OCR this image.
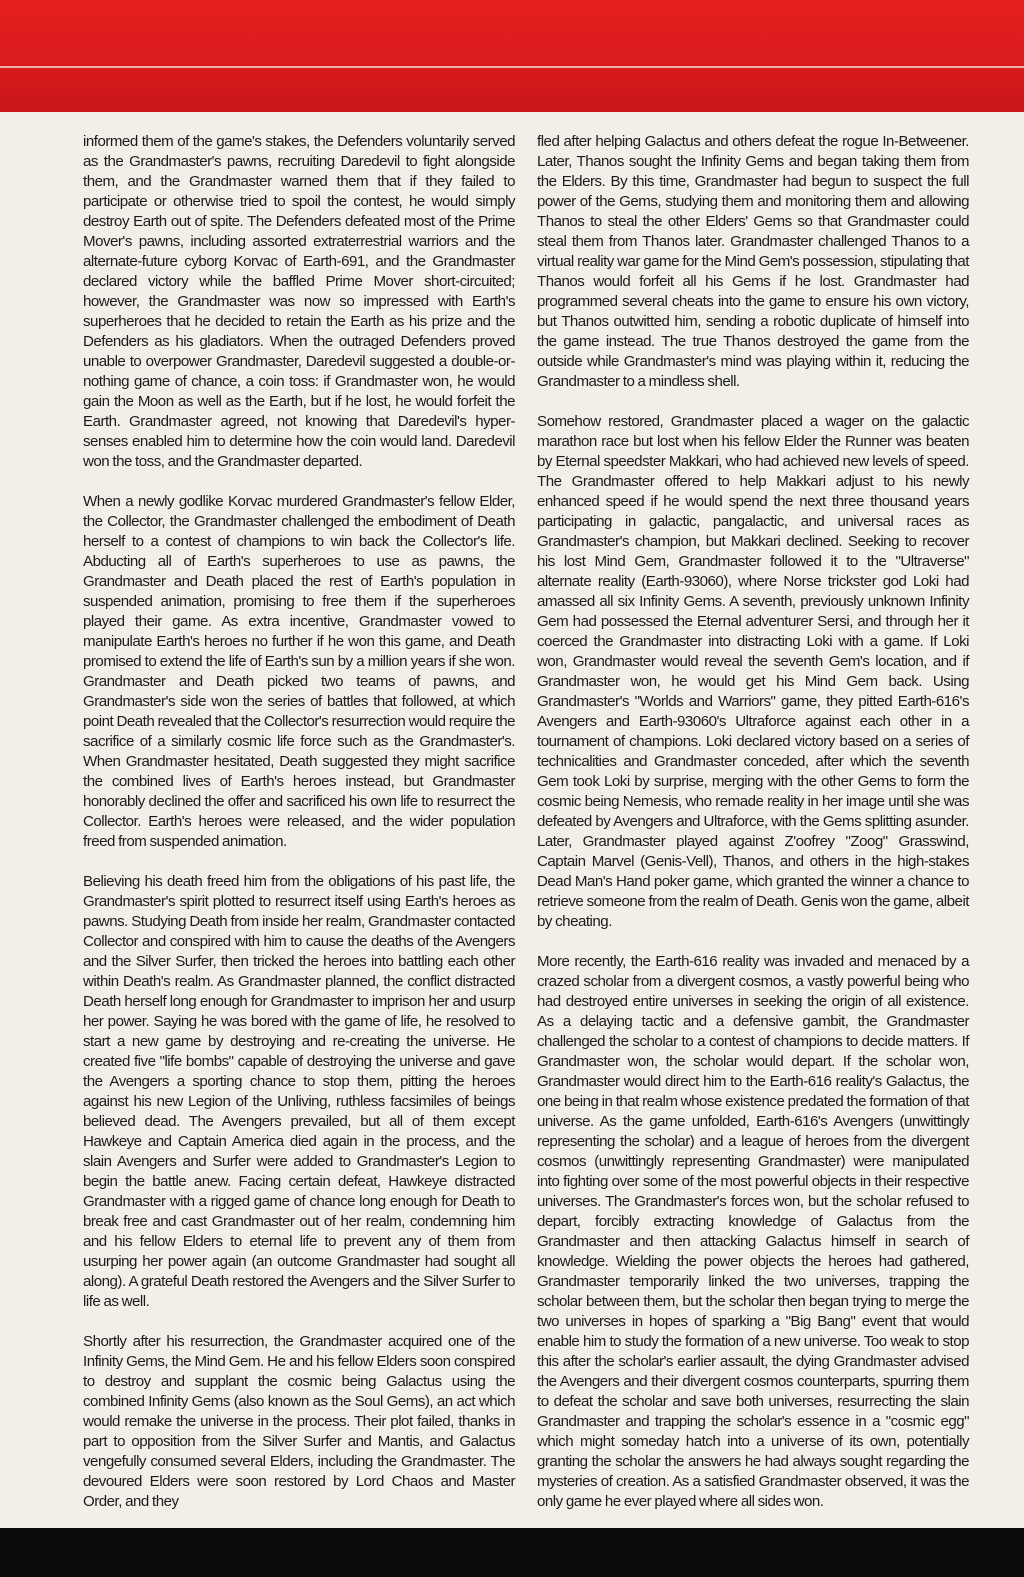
informed them of the game's stakes, the Defenders voluntarily served as the Grandmaster's pawns, recruiting Daredevil to fight alongside them, and the Grandmaster warned them that if they failed to participate or otherwise tried to spoil the contest, he would simply destroy Earth out of spite. The Defenders defeated most of the Prime Mover's pawns, including assorted extraterrestrial warriors and the alternate-future cyborg Korvac of Earth-691, and the Grandmaster declared victory while the baffled Prime Mover short-circuited; however, the Grandmaster was now so impressed with Earth's superheroes that he decided to retain the Earth as his prize and the Defenders as his gladiators. When the outraged Defenders proved unable to overpower Grandmaster, Daredevil suggested a double-or-nothing game of chance, a coin toss: if Grandmaster won, he would gain the Moon as well as the Earth, but if he lost, he would forfeit the Earth. Grandmaster agreed, not knowing that Daredevil's hyper-senses enabled him to determine how the coin would land. Daredevil won the toss, and the Grandmaster departed.

When a newly godlike Korvac murdered Grandmaster's fellow Elder, the Collector, the Grandmaster challenged the embodiment of Death herself to a contest of champions to win back the Collector's life. Abducting all of Earth's superheroes to use as pawns, the Grandmaster and Death placed the rest of Earth's population in suspended animation, promising to free them if the superheroes played their game. As extra incentive, Grandmaster vowed to manipulate Earth's heroes no further if he won this game, and Death promised to extend the life of Earth's sun by a million years if she won. Grandmaster and Death picked two teams of pawns, and Grandmaster's side won the series of battles that followed, at which point Death revealed that the Collector's resurrection would require the sacrifice of a similarly cosmic life force such as the Grandmaster's. When Grandmaster hesitated, Death suggested they might sacrifice the combined lives of Earth's heroes instead, but Grandmaster honorably declined the offer and sacrificed his own life to resurrect the Collector. Earth's heroes were released, and the wider population freed from suspended animation.

Believing his death freed him from the obligations of his past life, the Grandmaster's spirit plotted to resurrect itself using Earth's heroes as pawns. Studying Death from inside her realm, Grandmaster contacted Collector and conspired with him to cause the deaths of the Avengers and the Silver Surfer, then tricked the heroes into battling each other within Death's realm. As Grandmaster planned, the conflict distracted Death herself long enough for Grandmaster to imprison her and usurp her power. Saying he was bored with the game of life, he resolved to start a new game by destroying and re-creating the universe. He created five "life bombs" capable of destroying the universe and gave the Avengers a sporting chance to stop them, pitting the heroes against his new Legion of the Unliving, ruthless facsimiles of beings believed dead. The Avengers prevailed, but all of them except Hawkeye and Captain America died again in the process, and the slain Avengers and Surfer were added to Grandmaster's Legion to begin the battle anew. Facing certain defeat, Hawkeye distracted Grandmaster with a rigged game of chance long enough for Death to break free and cast Grandmaster out of her realm, condemning him and his fellow Elders to eternal life to prevent any of them from usurping her power again (an outcome Grandmaster had sought all along). A grateful Death restored the Avengers and the Silver Surfer to life as well.

Shortly after his resurrection, the Grandmaster acquired one of the Infinity Gems, the Mind Gem. He and his fellow Elders soon conspired to destroy and supplant the cosmic being Galactus using the combined Infinity Gems (also known as the Soul Gems), an act which would remake the universe in the process. Their plot failed, thanks in part to opposition from the Silver Surfer and Mantis, and Galactus vengefully consumed several Elders, including the Grandmaster. The devoured Elders were soon restored by Lord Chaos and Master Order, and they

fled after helping Galactus and others defeat the rogue In-Betweener. Later, Thanos sought the Infinity Gems and began taking them from the Elders. By this time, Grandmaster had begun to suspect the full power of the Gems, studying them and monitoring them and allowing Thanos to steal the other Elders' Gems so that Grandmaster could steal them from Thanos later. Grandmaster challenged Thanos to a virtual reality war game for the Mind Gem's possession, stipulating that Thanos would forfeit all his Gems if he lost. Grandmaster had programmed several cheats into the game to ensure his own victory, but Thanos outwitted him, sending a robotic duplicate of himself into the game instead. The true Thanos destroyed the game from the outside while Grandmaster's mind was playing within it, reducing the Grandmaster to a mindless shell.

Somehow restored, Grandmaster placed a wager on the galactic marathon race but lost when his fellow Elder the Runner was beaten by Eternal speedster Makkari, who had achieved new levels of speed. The Grandmaster offered to help Makkari adjust to his newly enhanced speed if he would spend the next three thousand years participating in galactic, pangalactic, and universal races as Grandmaster's champion, but Makkari declined. Seeking to recover his lost Mind Gem, Grandmaster followed it to the "Ultraverse" alternate reality (Earth-93060), where Norse trickster god Loki had amassed all six Infinity Gems. A seventh, previously unknown Infinity Gem had possessed the Eternal adventurer Sersi, and through her it coerced the Grandmaster into distracting Loki with a game. If Loki won, Grandmaster would reveal the seventh Gem's location, and if Grandmaster won, he would get his Mind Gem back. Using Grandmaster's "Worlds and Warriors" game, they pitted Earth-616's Avengers and Earth-93060's Ultraforce against each other in a tournament of champions. Loki declared victory based on a series of technicalities and Grandmaster conceded, after which the seventh Gem took Loki by surprise, merging with the other Gems to form the cosmic being Nemesis, who remade reality in her image until she was defeated by Avengers and Ultraforce, with the Gems splitting asunder. Later, Grandmaster played against Z'oofrey "Zoog" Grasswind, Captain Marvel (Genis-Vell), Thanos, and others in the high-stakes Dead Man's Hand poker game, which granted the winner a chance to retrieve someone from the realm of Death. Genis won the game, albeit by cheating.

More recently, the Earth-616 reality was invaded and menaced by a crazed scholar from a divergent cosmos, a vastly powerful being who had destroyed entire universes in seeking the origin of all existence. As a delaying tactic and a defensive gambit, the Grandmaster challenged the scholar to a contest of champions to decide matters. If Grandmaster won, the scholar would depart. If the scholar won, Grandmaster would direct him to the Earth-616 reality's Galactus, the one being in that realm whose existence predated the formation of that universe. As the game unfolded, Earth-616's Avengers (unwittingly representing the scholar) and a league of heroes from the divergent cosmos (unwittingly representing Grandmaster) were manipulated into fighting over some of the most powerful objects in their respective universes. The Grandmaster's forces won, but the scholar refused to depart, forcibly extracting knowledge of Galactus from the Grandmaster and then attacking Galactus himself in search of knowledge. Wielding the power objects the heroes had gathered, Grandmaster temporarily linked the two universes, trapping the scholar between them, but the scholar then began trying to merge the two universes in hopes of sparking a "Big Bang" event that would enable him to study the formation of a new universe. Too weak to stop this after the scholar's earlier assault, the dying Grandmaster advised the Avengers and their divergent cosmos counterparts, spurring them to defeat the scholar and save both universes, resurrecting the slain Grandmaster and trapping the scholar's essence in a "cosmic egg" which might someday hatch into a universe of its own, potentially granting the scholar the answers he had always sought regarding the mysteries of creation. As a satisfied Grandmaster observed, it was the only game he ever played where all sides won.
